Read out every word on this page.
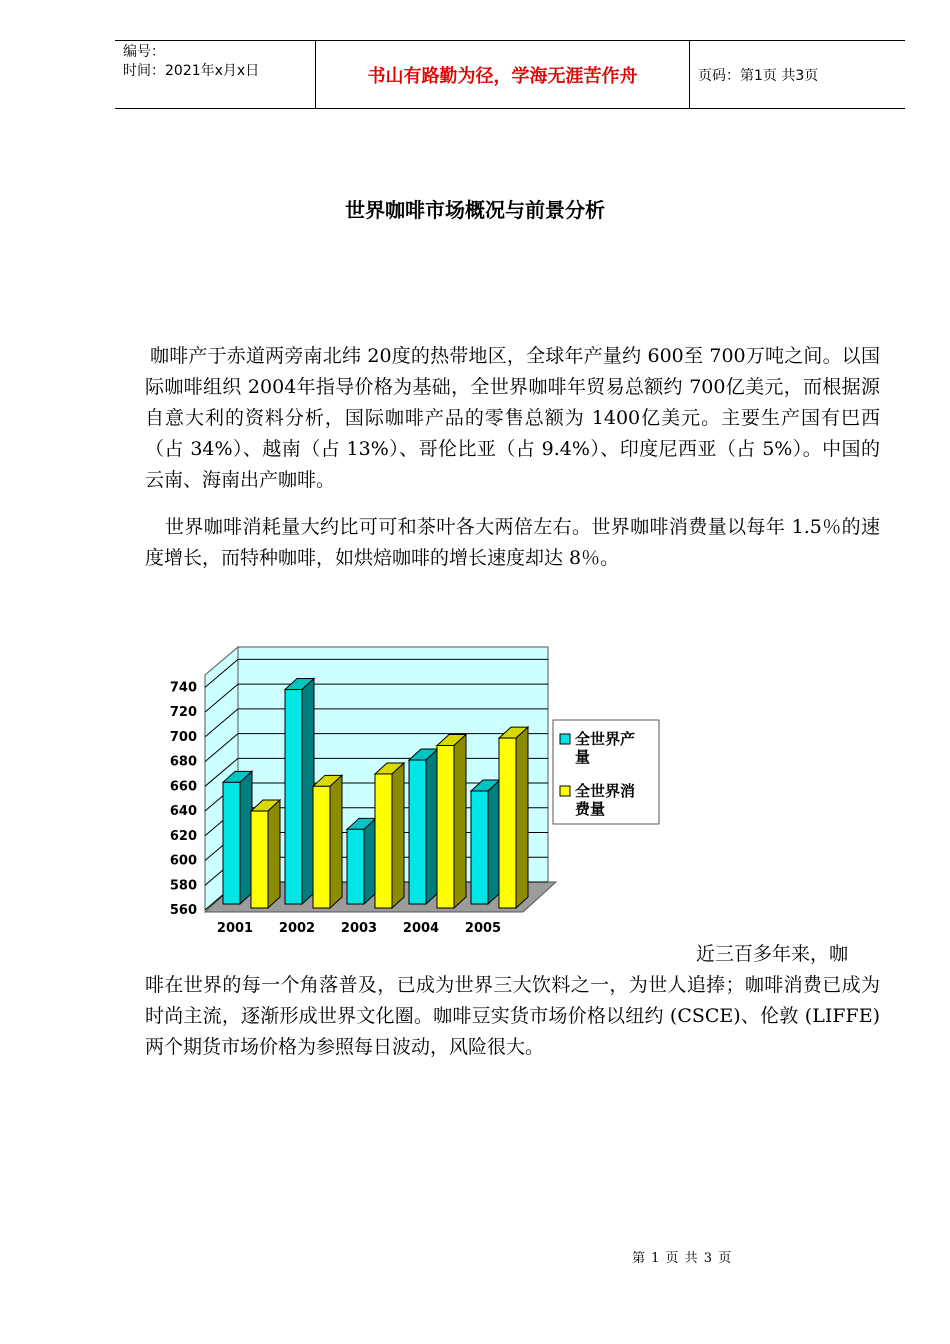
编号：
时间：2021年x月x日	书山有路勤为径，学海无涯苦作舟	页码：第1页 共3页
世界咖啡市场概况与前景分析
咖啡产于赤道两旁南北纬 20度的热带地区，全球年产量约 600至 700万吨之间。以国际咖啡组织 2004年指导价格为基础，全世界咖啡年贸易总额约 700亿美元，而根据源自意大利的资料分析，国际咖啡产品的零售总额为 1400亿美元。主要生产国有巴西（占 34%）、越南（占 13%）、哥伦比亚（占 9.4%）、印度尼西亚（占 5%）。中国的云南、海南出产咖啡。
世界咖啡消耗量大约比可可和茶叶各大两倍左右。世界咖啡消费量以每年 1.5％的速度增长，而特种咖啡，如烘焙咖啡的增长速度却达 8％。
560
580
600
620
640
660
680
700
720
740
2001 2002 2003 2004 2005
全世界产
量
全世界消
费量
近三百多年来，咖
啡在世界的每一个角落普及，已成为世界三大饮料之一，为世人追捧；咖啡消费已成为时尚主流，逐渐形成世界文化圈。咖啡豆实货市场价格以纽约 (CSCE)、伦敦 (LIFFE)两个期货市场价格为参照每日波动，风险很大。
第 1 页 共 3 页
